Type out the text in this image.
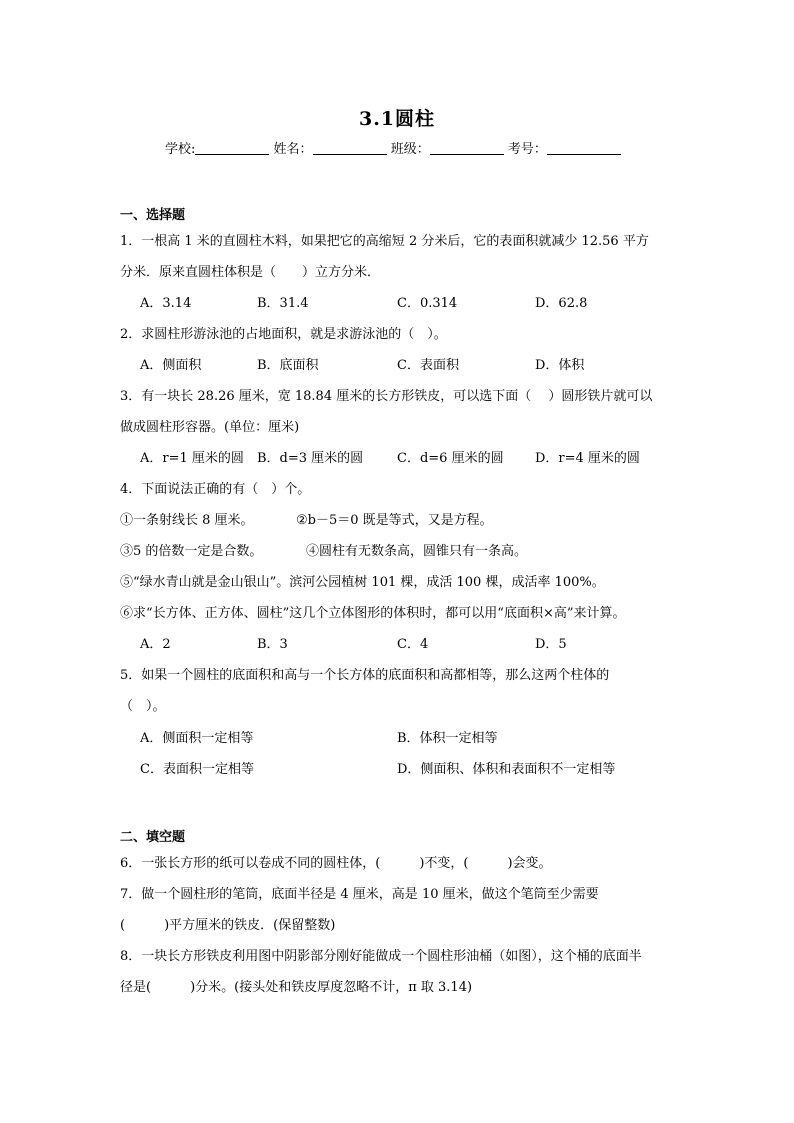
3.1圆柱
学校:	姓名：	班级：	考号：
一、选择题
1．一根高 1 米的直圆柱木料，如果把它的高缩短 2 分米后，它的表面积就减少 12.56 平方
分米．原来直圆柱体积是（　　）立方分米．
A．3.14	B．31.4	C．0.314	D．62.8
2．求圆柱形游泳池的占地面积，就是求游泳池的（　）。
A．侧面积	B．底面积	C．表面积	D．体积
3．有一块长 28.26 厘米，宽 18.84 厘米的长方形铁皮，可以选下面（　 ）圆形铁片就可以
做成圆柱形容器。(单位：厘米)
A．r=1 厘米的圆 B．d=3 厘米的圆	C．d=6 厘米的圆 D．r=4 厘米的圆
4．下面说法正确的有（　）个。
①一条射线长 8 厘米。	②b－5＝0 既是等式，又是方程。
③5 的倍数一定是合数。	④圆柱有无数条高，圆锥只有一条高。
⑤“绿水青山就是金山银山”。滨河公园植树 101 棵，成活 100 棵，成活率 100%。
⑥求“长方体、正方体、圆柱”这几个立体图形的体积时，都可以用“底面积×高”来计算。
A．2	B．3	C．4	D．5
5．如果一个圆柱的底面积和高与一个长方体的底面积和高都相等，那么这两个柱体的
（　）。
A．侧面积一定相等	B．体积一定相等
C．表面积一定相等	D．侧面积、体积和表面积不一定相等
二、填空题
6．一张长方形的纸可以卷成不同的圆柱体，(　　　)不变，(　　　)会变。
7．做一个圆柱形的笔筒，底面半径是 4 厘米，高是 10 厘米，做这个笔筒至少需要
(　　　)平方厘米的铁皮．(保留整数)
8．一块长方形铁皮利用图中阴影部分刚好能做成一个圆柱形油桶（如图），这个桶的底面半
径是(　　　)分米。(接头处和铁皮厚度忽略不计，π 取 3.14)
